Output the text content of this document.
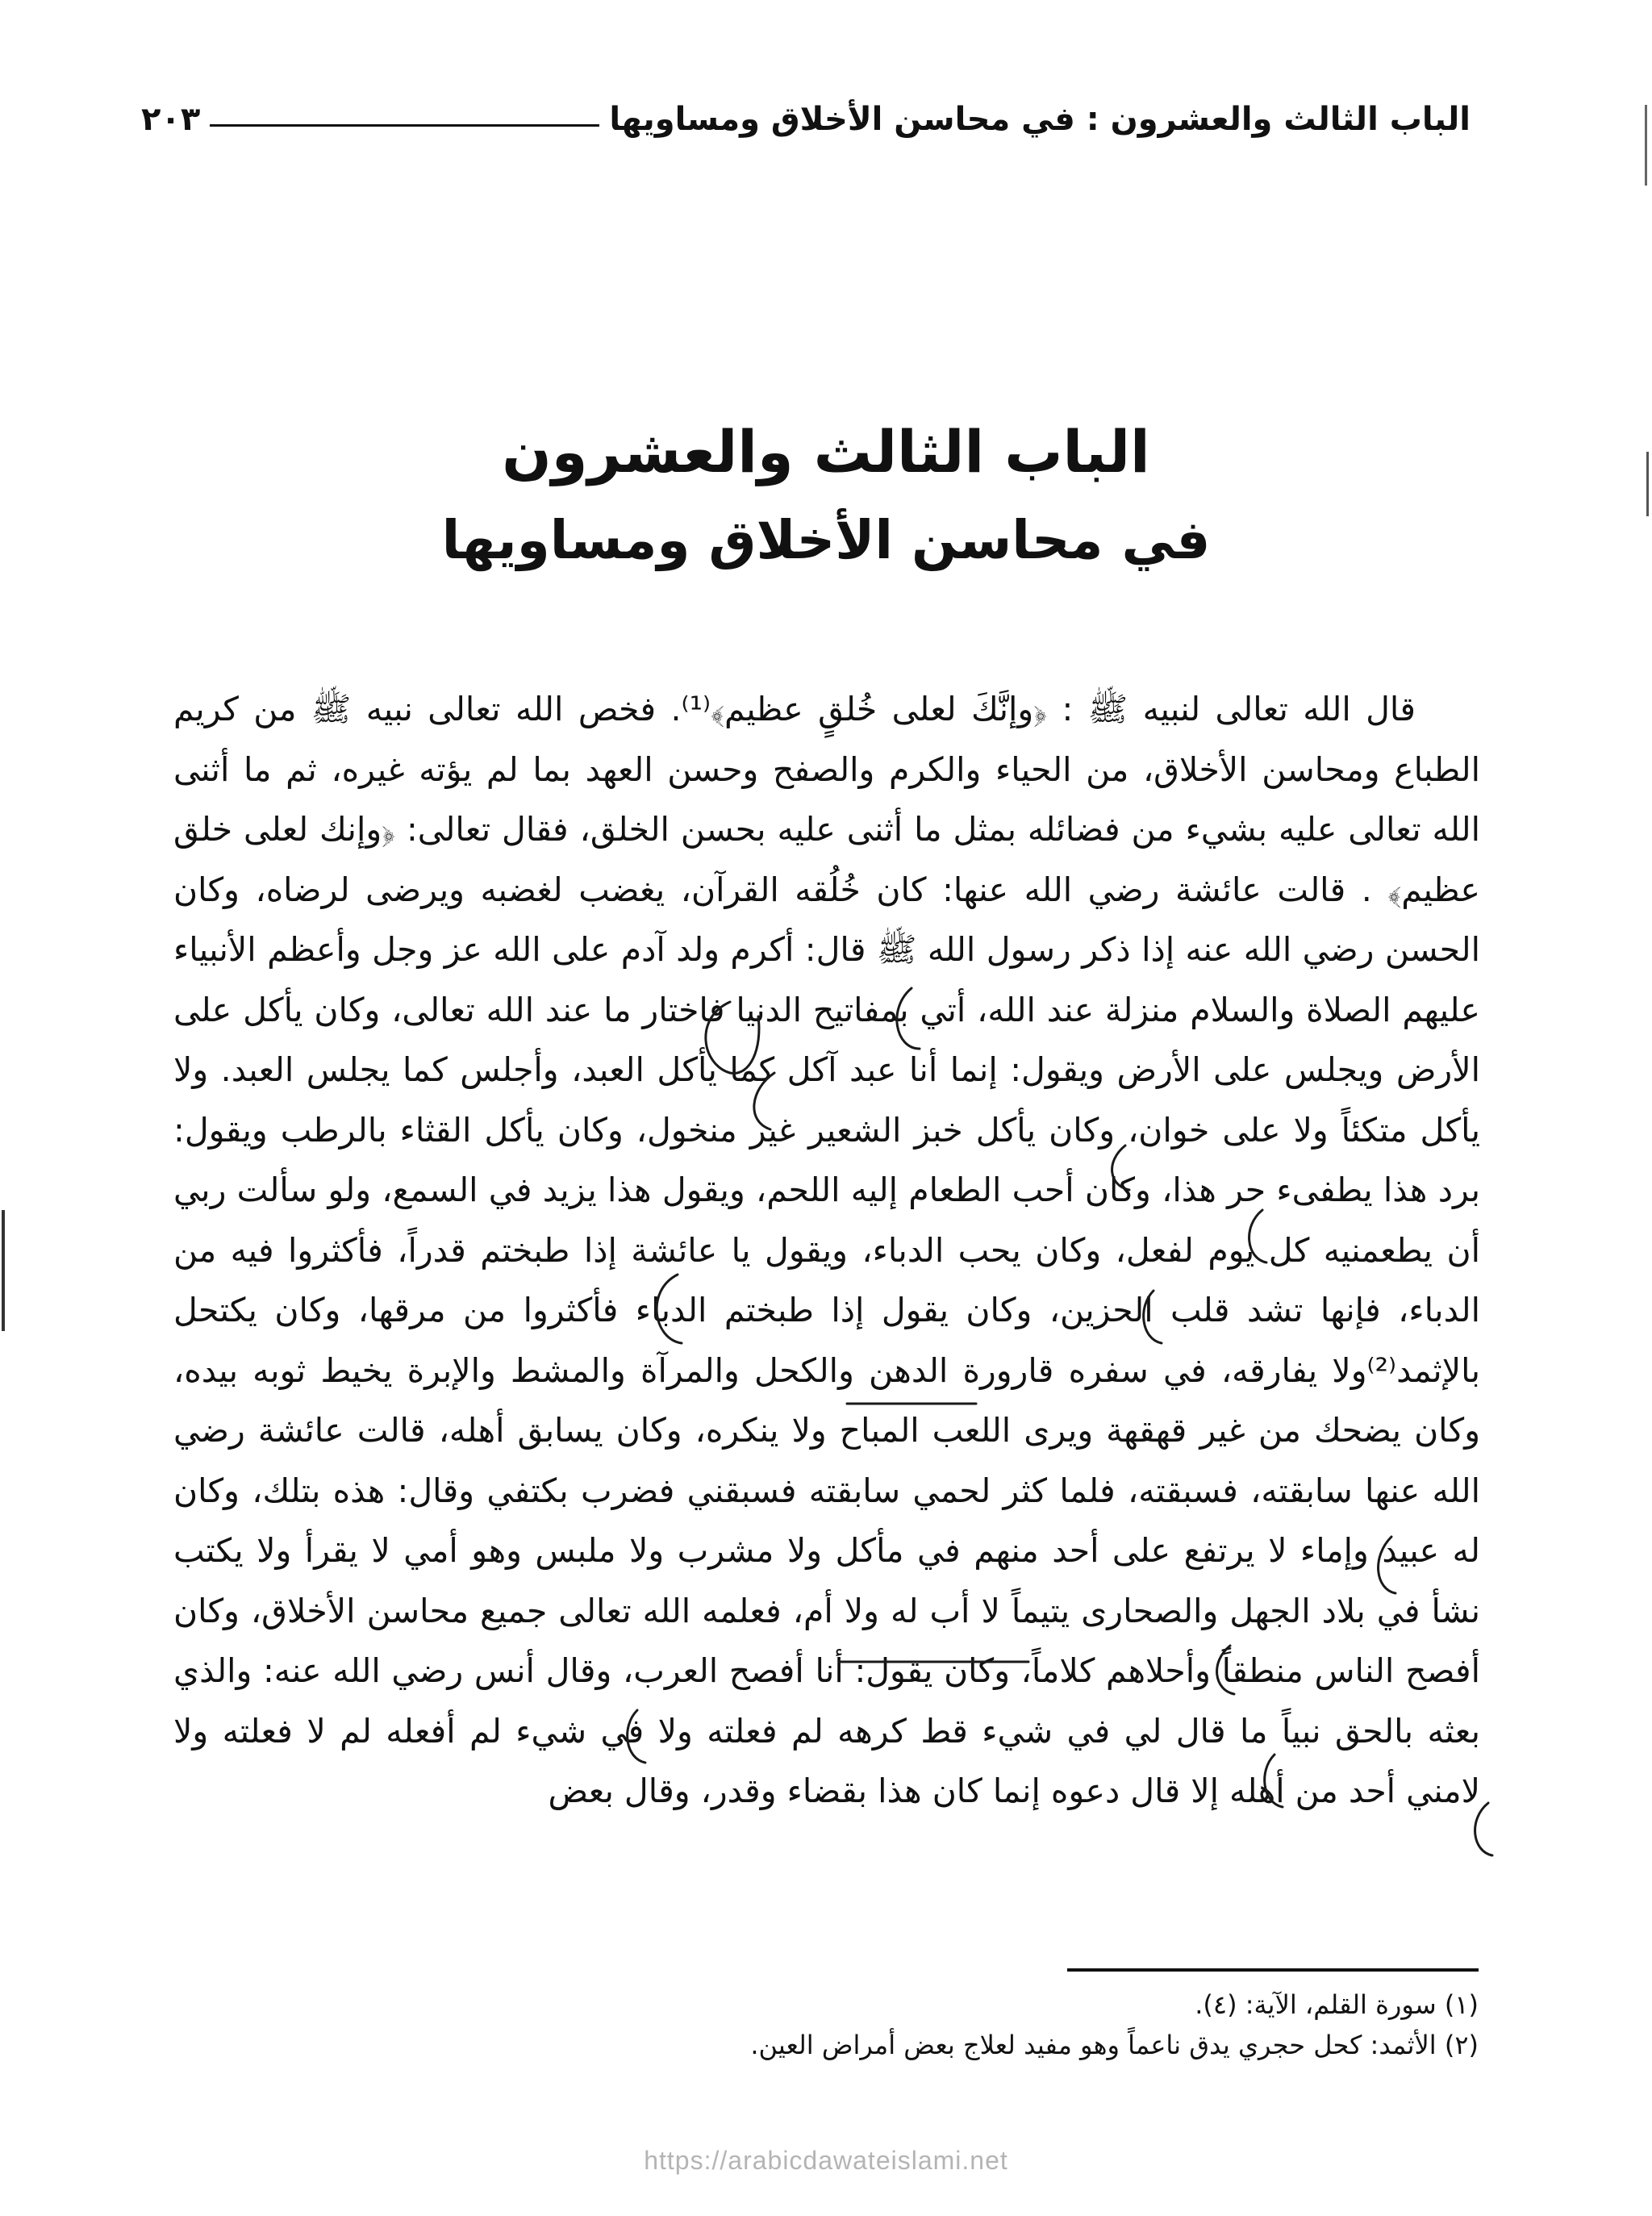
الباب الثالث والعشرون : في محاسن الأخلاق ومساويها
٢٠٣
الباب الثالث والعشرون
في محاسن الأخلاق ومساويها

قال الله تعالى لنبيه ﷺ : ﴿وإنَّكَ لعلى خُلقٍ عظيم﴾⁽¹⁾. فخص الله تعالى نبيه ﷺ من كريم الطباع ومحاسن الأخلاق، من الحياء والكرم والصفح وحسن العهد بما لم يؤته غيره، ثم ما أثنى الله تعالى عليه بشيء من فضائله بمثل ما أثنى عليه بحسن الخلق، فقال تعالى: ﴿وإنك لعلى خلق عظيم﴾ . قالت عائشة رضي الله عنها: كان خُلُقه القرآن، يغضب لغضبه ويرضى لرضاه، وكان الحسن رضي الله عنه إذا ذكر رسول الله ﷺ قال: أكرم ولد آدم على الله عز وجل وأعظم الأنبياء عليهم الصلاة والسلام منزلة عند الله، أتي بمفاتيح الدنيا فاختار ما عند الله تعالى، وكان يأكل على الأرض ويجلس على الأرض ويقول: إنما أنا عبد آكل كما يأكل العبد، وأجلس كما يجلس العبد. ولا يأكل متكئاً ولا على خوان، وكان يأكل خبز الشعير غير منخول، وكان يأكل القثاء بالرطب ويقول: برد هذا يطفىء حر هذا، وكان أحب الطعام إليه اللحم، ويقول هذا يزيد في السمع، ولو سألت ربي أن يطعمنيه كل يوم لفعل، وكان يحب الدباء، ويقول يا عائشة إذا طبختم قدراً، فأكثروا فيه من الدباء، فإنها تشد قلب الحزين، وكان يقول إذا طبختم الدباء فأكثروا من مرقها، وكان يكتحل بالإثمد⁽²⁾ولا يفارقه، في سفره قارورة الدهن والكحل والمرآة والمشط والإبرة يخيط ثوبه بيده، وكان يضحك من غير قهقهة ويرى اللعب المباح ولا ينكره، وكان يسابق أهله، قالت عائشة رضي الله عنها سابقته، فسبقته، فلما كثر لحمي سابقته فسبقني فضرب بكتفي وقال: هذه بتلك، وكان له عبيد وإماء لا يرتفع على أحد منهم في مأكل ولا مشرب ولا ملبس وهو أمي لا يقرأ ولا يكتب نشأ في بلاد الجهل والصحارى يتيماً لا أب له ولا أم، فعلمه الله تعالى جميع محاسن الأخلاق، وكان أفصح الناس منطقاً وأحلاهم كلاماً، وكان يقول: أنا أفصح العرب، وقال أنس رضي الله عنه: والذي بعثه بالحق نبياً ما قال لي في شيء قط كرهه لم فعلته ولا في شيء لم أفعله لم لا فعلته ولا لامني أحد من أهله إلا قال دعوه إنما كان هذا بقضاء وقدر، وقال بعض

(١) سورة القلم، الآية: (٤).

(٢) الأثمد: كحل حجري يدق ناعماً وهو مفيد لعلاج بعض أمراض العين.

https://arabicdawateislami.net
